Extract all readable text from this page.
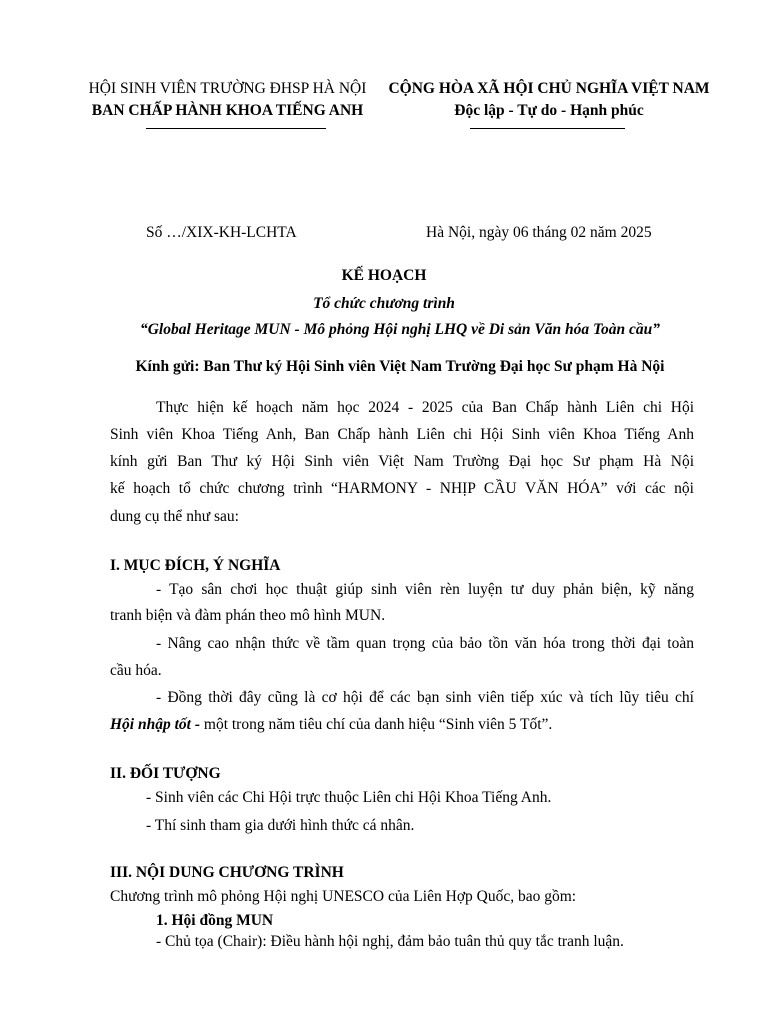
HỘI SINH VIÊN TRƯỜNG ĐHSP HÀ NỘI
BAN CHẤP HÀNH KHOA TIẾNG ANH
CỘNG HÒA XÃ HỘI CHỦ NGHĨA VIỆT NAM
Độc lập - Tự do - Hạnh phúc
Số …/XIX-KH-LCHTA	Hà Nội, ngày 06 tháng 02 năm 2025
KẾ HOẠCH
Tổ chức chương trình
“Global Heritage MUN - Mô phỏng Hội nghị LHQ về Di sản Văn hóa Toàn cầu”
Kính gửi: Ban Thư ký Hội Sinh viên Việt Nam Trường Đại học Sư phạm Hà Nội
Thực hiện kế hoạch năm học 2024 - 2025 của Ban Chấp hành Liên chi Hội
Sinh viên Khoa Tiếng Anh, Ban Chấp hành Liên chi Hội Sinh viên Khoa Tiếng Anh
kính gửi Ban Thư ký Hội Sinh viên Việt Nam Trường Đại học Sư phạm Hà Nội
kế hoạch tổ chức chương trình “HARMONY - NHỊP CẦU VĂN HÓA” với các nội
dung cụ thể như sau:
I. MỤC ĐÍCH, Ý NGHĨA
- Tạo sân chơi học thuật giúp sinh viên rèn luyện tư duy phản biện, kỹ năng
tranh biện và đàm phán theo mô hình MUN.
- Nâng cao nhận thức về tầm quan trọng của bảo tồn văn hóa trong thời đại toàn
cầu hóa.
- Đồng thời đây cũng là cơ hội để các bạn sinh viên tiếp xúc và tích lũy tiêu chí
Hội nhập tốt - một trong năm tiêu chí của danh hiệu “Sinh viên 5 Tốt”.
II. ĐỐI TƯỢNG
- Sinh viên các Chi Hội trực thuộc Liên chi Hội Khoa Tiếng Anh.
- Thí sinh tham gia dưới hình thức cá nhân.
III. NỘI DUNG CHƯƠNG TRÌNH
Chương trình mô phỏng Hội nghị UNESCO của Liên Hợp Quốc, bao gồm:
1. Hội đồng MUN
- Chủ tọa (Chair): Điều hành hội nghị, đảm bảo tuân thủ quy tắc tranh luận.
